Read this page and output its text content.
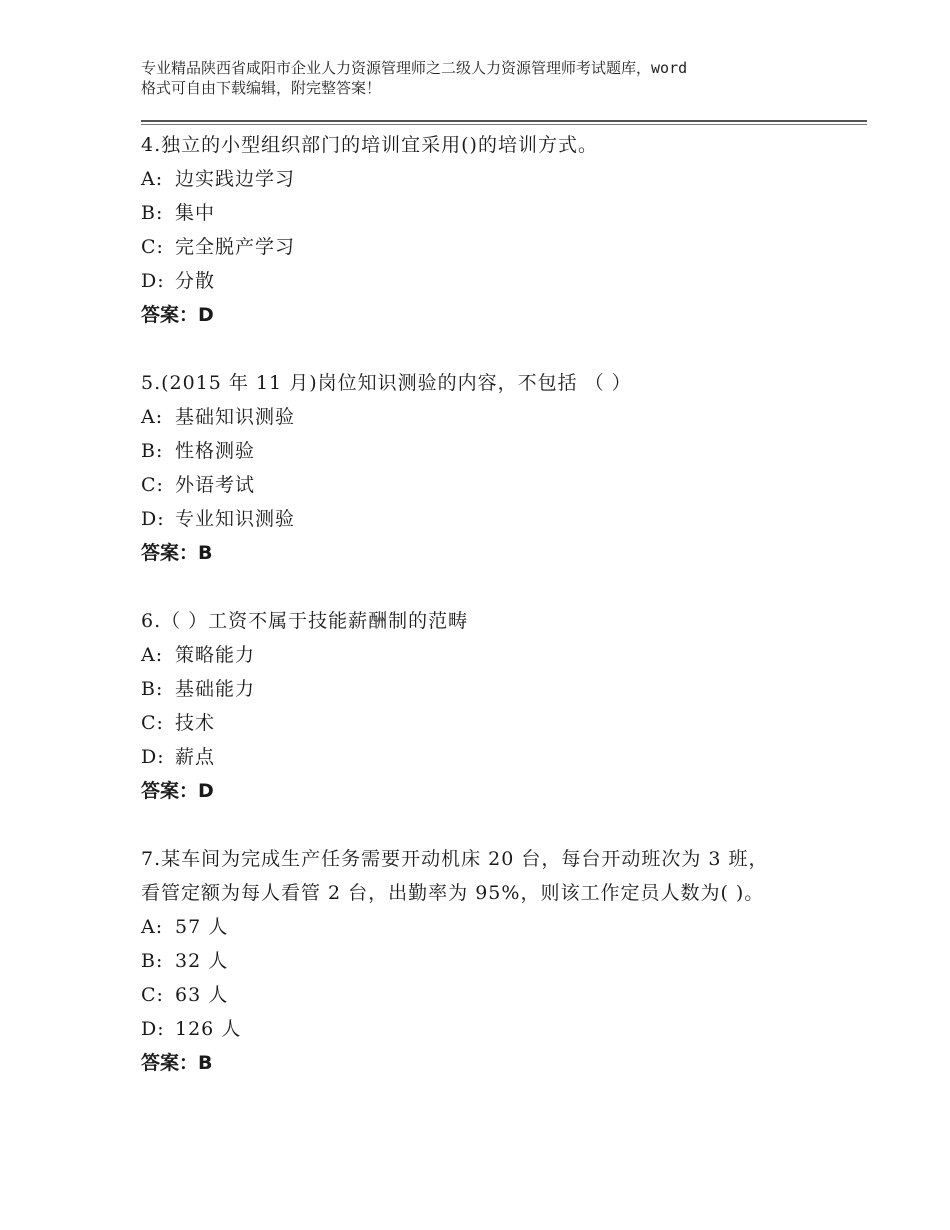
专业精品陕西省咸阳市企业人力资源管理师之二级人力资源管理师考试题库，word
格式可自由下载编辑，附完整答案！
4.独立的小型组织部门的培训宜采用()的培训方式。
A: 边实践边学习
B: 集中
C: 完全脱产学习
D: 分散
答案：D
5.(2015 年 11 月)岗位知识测验的内容，不包括 （ ）
A: 基础知识测验
B: 性格测验
C: 外语考试
D: 专业知识测验
答案：B
6.（ ）工资不属于技能薪酬制的范畴
A: 策略能力
B: 基础能力
C: 技术
D: 薪点
答案：D
7.某车间为完成生产任务需要开动机床 20 台，每台开动班次为 3 班，
看管定额为每人看管 2 台，出勤率为 95%，则该工作定员人数为( )。
A: 57 人
B: 32 人
C: 63 人
D: 126 人
答案：B
